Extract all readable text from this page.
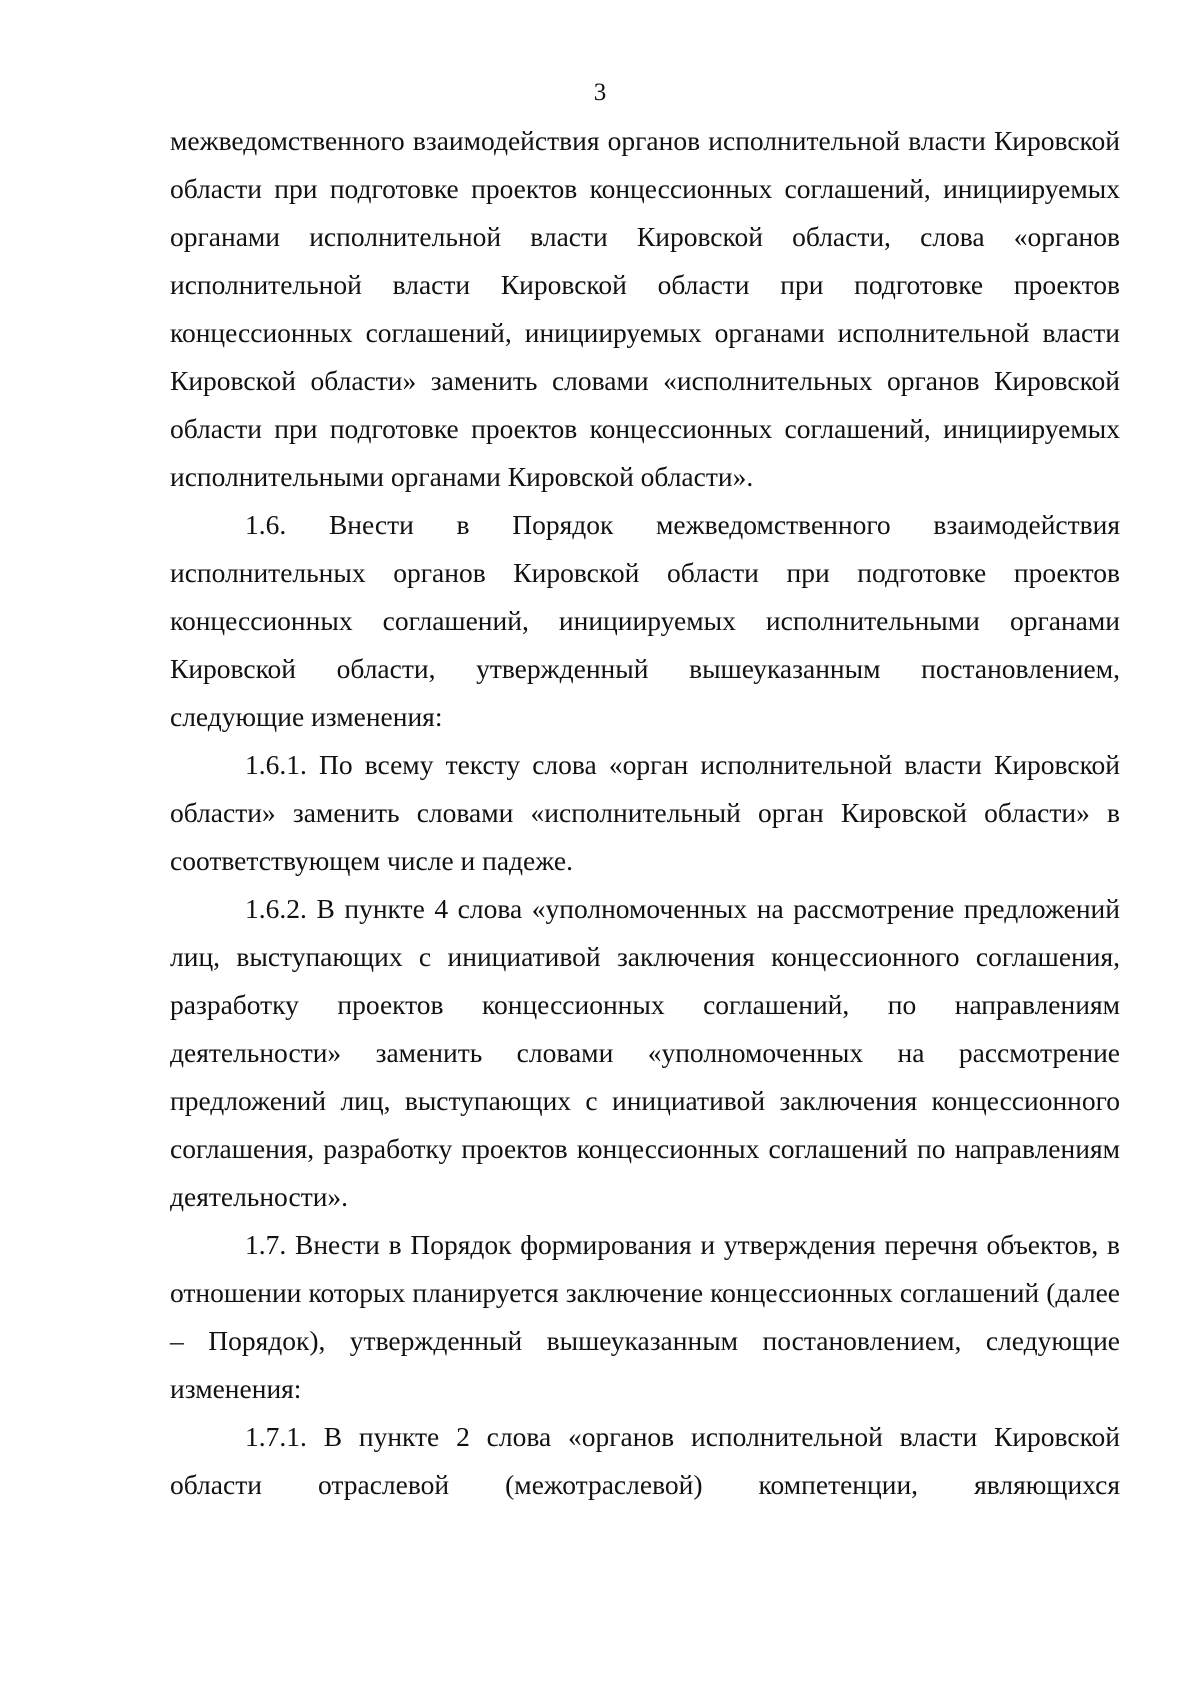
3

межведомственного взаимодействия органов исполнительной власти Кировской области при подготовке проектов концессионных соглашений, инициируемых органами исполнительной власти Кировской области, слова «органов исполнительной власти Кировской области при подготовке проектов концессионных соглашений, инициируемых органами исполнительной власти Кировской области» заменить словами «исполнительных органов Кировской области при подготовке проектов концессионных соглашений, инициируемых исполнительными органами Кировской области».

1.6. Внести в Порядок межведомственного взаимодействия исполнительных органов Кировской области при подготовке проектов концессионных соглашений, инициируемых исполнительными органами Кировской области, утвержденный вышеуказанным постановлением, следующие изменения:

1.6.1. По всему тексту слова «орган исполнительной власти Кировской области» заменить словами «исполнительный орган Кировской области» в соответствующем числе и падеже.

1.6.2. В пункте 4 слова «уполномоченных на рассмотрение предложений лиц, выступающих с инициативой заключения концессионного соглашения, разработку проектов концессионных соглашений, по направлениям деятельности» заменить словами «уполномоченных на рассмотрение предложений лиц, выступающих с инициативой заключения концессионного соглашения, разработку проектов концессионных соглашений по направлениям деятельности».

1.7. Внести в Порядок формирования и утверждения перечня объектов, в отношении которых планируется заключение концессионных соглашений (далее – Порядок), утвержденный вышеуказанным постановлением, следующие изменения:

1.7.1. В пункте 2 слова «органов исполнительной власти Кировской области отраслевой (межотраслевой) компетенции, являющихся
